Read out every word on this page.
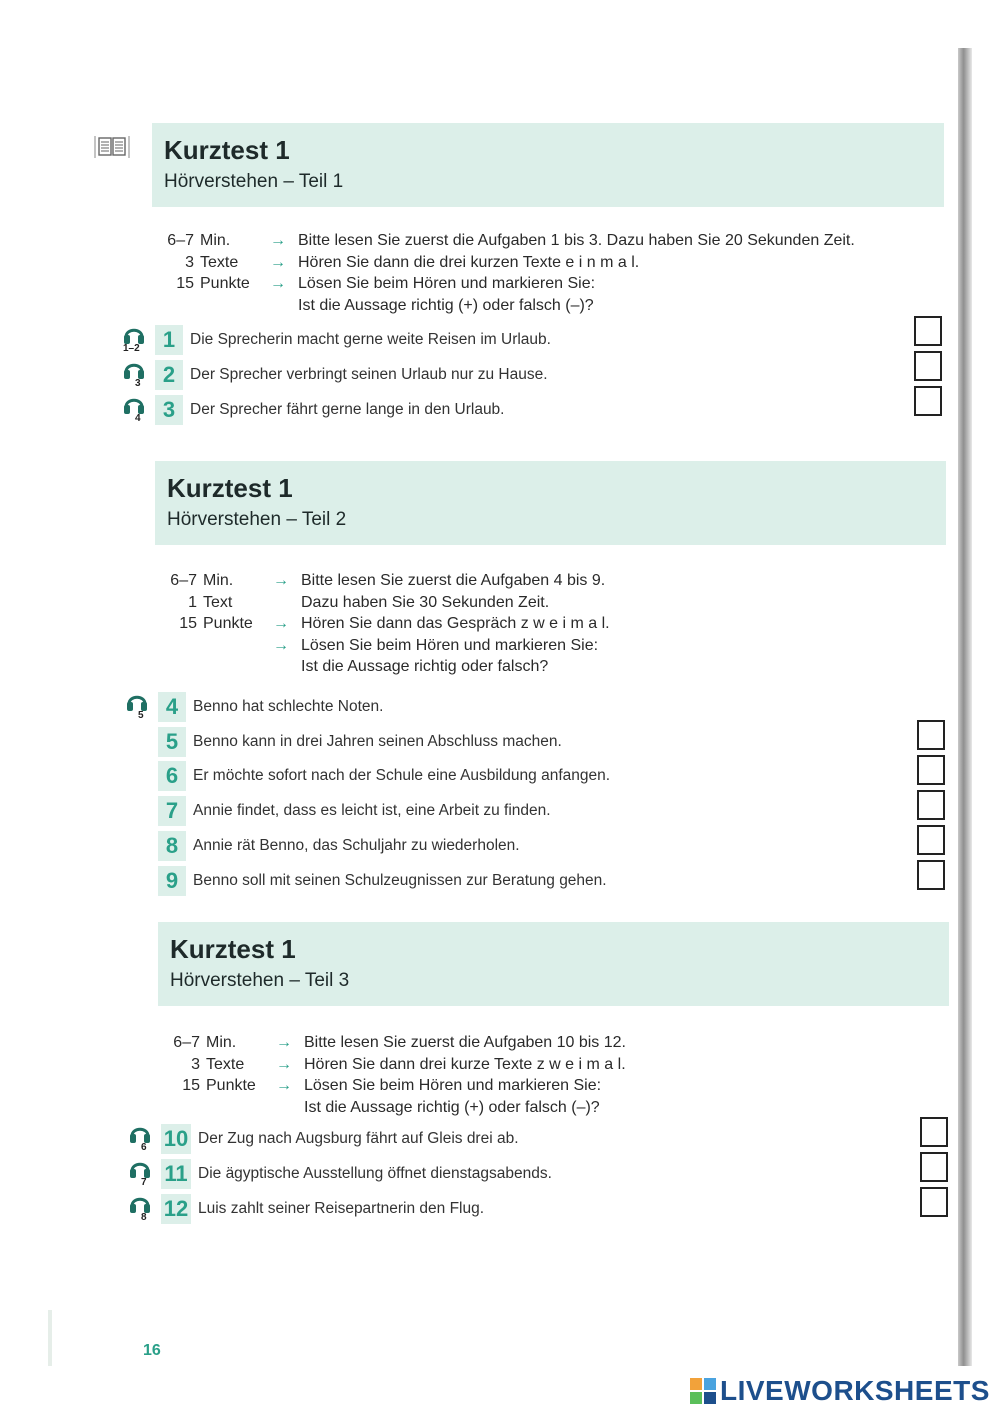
Kurztest 1
Hörverstehen – Teil 1
6–7 Min. → Bitte lesen Sie zuerst die Aufgaben 1 bis 3. Dazu haben Sie 20 Sekunden Zeit.
3 Texte → Hören Sie dann die drei kurzen Texte e i n m a l.
15 Punkte → Lösen Sie beim Hören und markieren Sie:
Ist die Aussage richtig (+) oder falsch (–)?
1 Die Sprecherin macht gerne weite Reisen im Urlaub.
1–2
2 Der Sprecher verbringt seinen Urlaub nur zu Hause.
3
3 Der Sprecher fährt gerne lange in den Urlaub.
4
Kurztest 1
Hörverstehen – Teil 2
6–7 Min. → Bitte lesen Sie zuerst die Aufgaben 4 bis 9.
1 Text	Dazu haben Sie 30 Sekunden Zeit.
15 Punkte → Hören Sie dann das Gespräch z w e i m a l.
→ Lösen Sie beim Hören und markieren Sie:
Ist die Aussage richtig oder falsch?
4 Benno hat schlechte Noten.
5
5 Benno kann in drei Jahren seinen Abschluss machen.
6 Er möchte sofort nach der Schule eine Ausbildung anfangen.
7 Annie findet, dass es leicht ist, eine Arbeit zu finden.
8 Annie rät Benno, das Schuljahr zu wiederholen.
9 Benno soll mit seinen Schulzeugnissen zur Beratung gehen.
Kurztest 1
Hörverstehen – Teil 3
6–7 Min. → Bitte lesen Sie zuerst die Aufgaben 10 bis 12.
3 Texte → Hören Sie dann drei kurze Texte z w e i m a l.
15 Punkte → Lösen Sie beim Hören und markieren Sie:
Ist die Aussage richtig (+) oder falsch (–)?
10 Der Zug nach Augsburg fährt auf Gleis drei ab.
6
11 Die ägyptische Ausstellung öffnet dienstagsabends.
7
12 Luis zahlt seiner Reisepartnerin den Flug.
8
16
LIVEWORKSHEETS
